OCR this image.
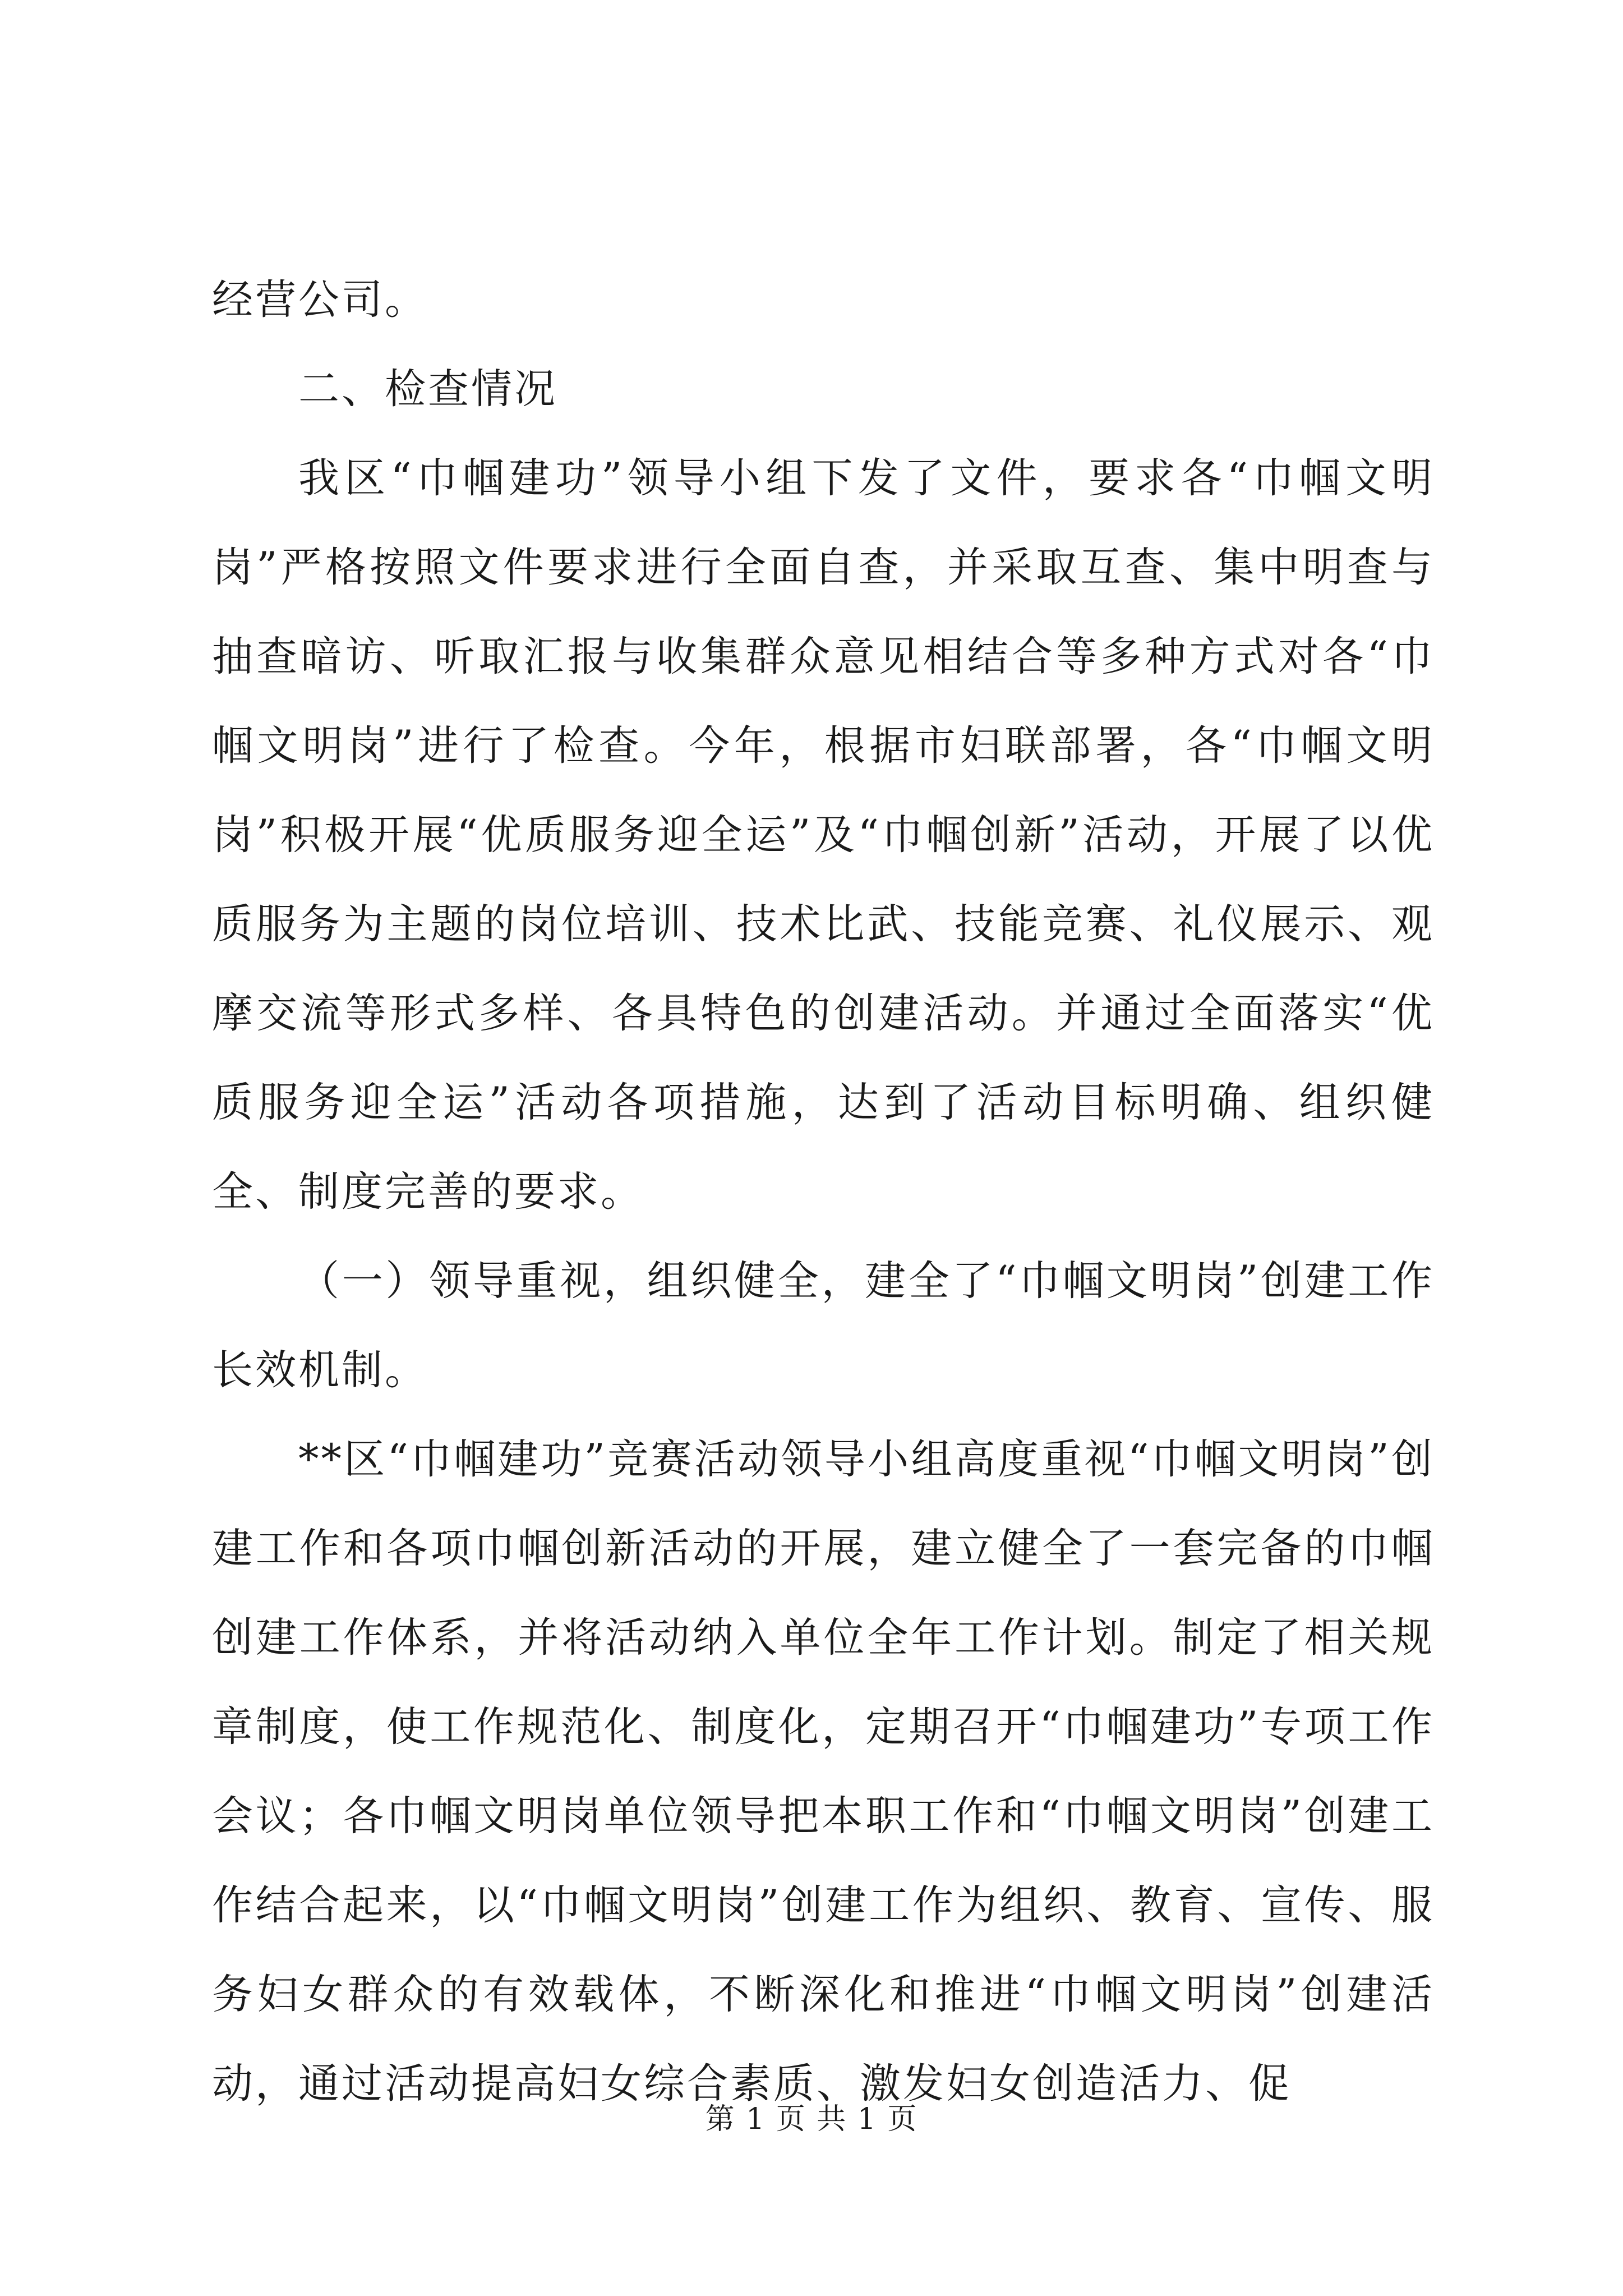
经营公司。

二、检查情况

我区“巾帼建功”领导小组下发了文件，要求各“巾帼文明岗”严格按照文件要求进行全面自查，并采取互查、集中明查与抽查暗访、听取汇报与收集群众意见相结合等多种方式对各“巾帼文明岗”进行了检查。今年，根据市妇联部署，各“巾帼文明岗”积极开展“优质服务迎全运”及“巾帼创新”活动，开展了以优质服务为主题的岗位培训、技术比武、技能竞赛、礼仪展示、观摩交流等形式多样、各具特色的创建活动。并通过全面落实“优质服务迎全运”活动各项措施，达到了活动目标明确、组织健全、制度完善的要求。

（一）领导重视，组织健全，建全了“巾帼文明岗”创建工作长效机制。

**区“巾帼建功”竞赛活动领导小组高度重视“巾帼文明岗”创建工作和各项巾帼创新活动的开展，建立健全了一套完备的巾帼创建工作体系，并将活动纳入单位全年工作计划。制定了相关规章制度，使工作规范化、制度化，定期召开“巾帼建功”专项工作会议；各巾帼文明岗单位领导把本职工作和“巾帼文明岗”创建工作结合起来，以“巾帼文明岗”创建工作为组织、教育、宣传、服务妇女群众的有效载体，不断深化和推进“巾帼文明岗”创建活动，通过活动提高妇女综合素质、激发妇女创造活力、促

第 1 页 共 1 页
